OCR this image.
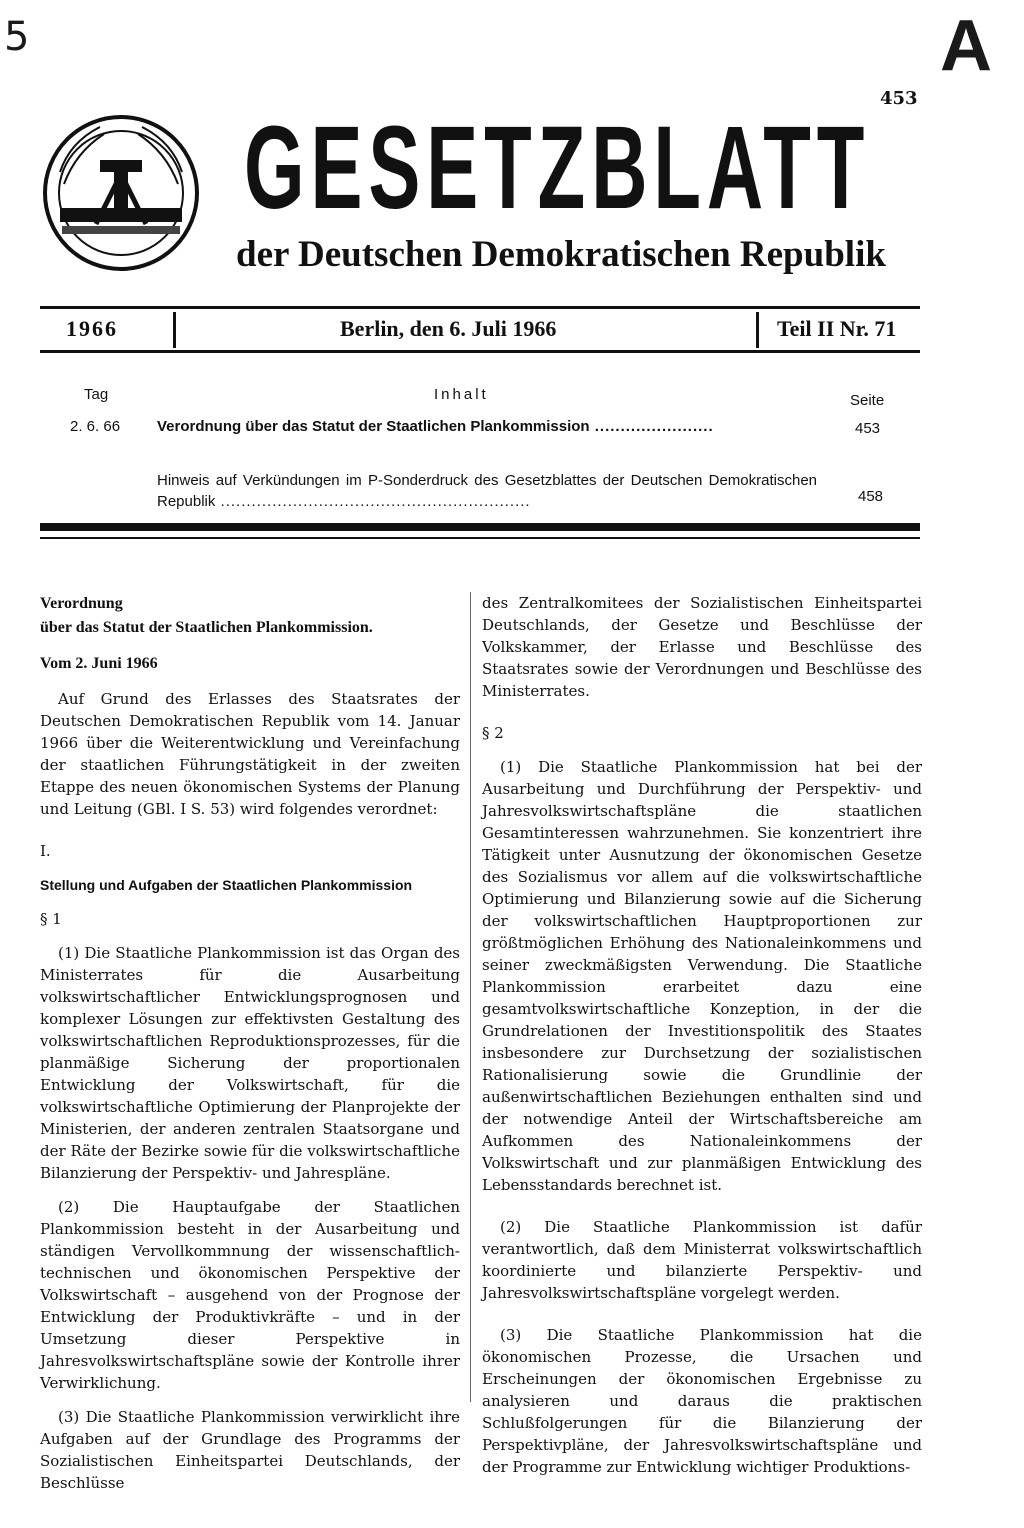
5	A
453
GESETZBLATT
der Deutschen Demokratischen Republik
1966	Berlin, den 6. Juli 1966	Teil II Nr. 71
Tag	Inhalt	Seite
2. 6. 66 Verordnung über das Statut der Staatlichen Plankommission .......................	453
Hinweis auf Verkündungen im P-Sonderdruck des Gesetzblattes der Deutschen Demokratischen Republik ............................................................	458

Verordnung

über das Statut der Staatlichen Plankommission.

Vom 2. Juni 1966

Auf Grund des Erlasses des Staatsrates der Deutschen Demokratischen Republik vom 14. Januar 1966 über die Weiterentwicklung und Vereinfachung der staatlichen Führungstätigkeit in der zweiten Etappe des neuen ökonomischen Systems der Planung und Leitung (GBl. I S. 53) wird folgendes verordnet:

I.

Stellung und Aufgaben der Staatlichen Plankommission

§ 1

(1) Die Staatliche Plankommission ist das Organ des Ministerrates für die Ausarbeitung volkswirtschaftlicher Entwicklungsprognosen und komplexer Lösungen zur effektivsten Gestaltung des volkswirtschaftlichen Reproduktionsprozesses, für die planmäßige Sicherung der proportionalen Entwicklung der Volkswirtschaft, für die volkswirtschaftliche Optimierung der Planprojekte der Ministerien, der anderen zentralen Staatsorgane und der Räte der Bezirke sowie für die volkswirtschaftliche Bilanzierung der Perspektiv- und Jahrespläne.

(2) Die Hauptaufgabe der Staatlichen Plankommission besteht in der Ausarbeitung und ständigen Vervollkommnung der wissenschaftlich-technischen und ökonomischen Perspektive der Volkswirtschaft – ausgehend von der Prognose der Entwicklung der Produktivkräfte – und in der Umsetzung dieser Perspektive in Jahresvolkswirtschaftspläne sowie der Kontrolle ihrer Verwirklichung.

(3) Die Staatliche Plankommission verwirklicht ihre Aufgaben auf der Grundlage des Programms der Sozialistischen Einheitspartei Deutschlands, der Beschlüsse

des Zentralkomitees der Sozialistischen Einheitspartei Deutschlands, der Gesetze und Beschlüsse der Volkskammer, der Erlasse und Beschlüsse des Staatsrates sowie der Verordnungen und Beschlüsse des Ministerrates.

§ 2

(1) Die Staatliche Plankommission hat bei der Ausarbeitung und Durchführung der Perspektiv- und Jahresvolkswirtschaftspläne die staatlichen Gesamtinteressen wahrzunehmen. Sie konzentriert ihre Tätigkeit unter Ausnutzung der ökonomischen Gesetze des Sozialismus vor allem auf die volkswirtschaftliche Optimierung und Bilanzierung sowie auf die Sicherung der volkswirtschaftlichen Hauptproportionen zur größtmöglichen Erhöhung des Nationaleinkommens und seiner zweckmäßigsten Verwendung. Die Staatliche Plankommission erarbeitet dazu eine gesamtvolkswirtschaftliche Konzeption, in der die Grundrelationen der Investitionspolitik des Staates insbesondere zur Durchsetzung der sozialistischen Rationalisierung sowie die Grundlinie der außenwirtschaftlichen Beziehungen enthalten sind und der notwendige Anteil der Wirtschaftsbereiche am Aufkommen des Nationaleinkommens der Volkswirtschaft und zur planmäßigen Entwicklung des Lebensstandards berechnet ist.

(2) Die Staatliche Plankommission ist dafür verantwortlich, daß dem Ministerrat volkswirtschaftlich koordinierte und bilanzierte Perspektiv- und Jahresvolkswirtschaftspläne vorgelegt werden.

(3) Die Staatliche Plankommission hat die ökonomischen Prozesse, die Ursachen und Erscheinungen der ökonomischen Ergebnisse zu analysieren und daraus die praktischen Schlußfolgerungen für die Bilanzierung der Perspektivpläne, der Jahresvolkswirtschaftspläne und der Programme zur Entwicklung wichtiger Produktions-
